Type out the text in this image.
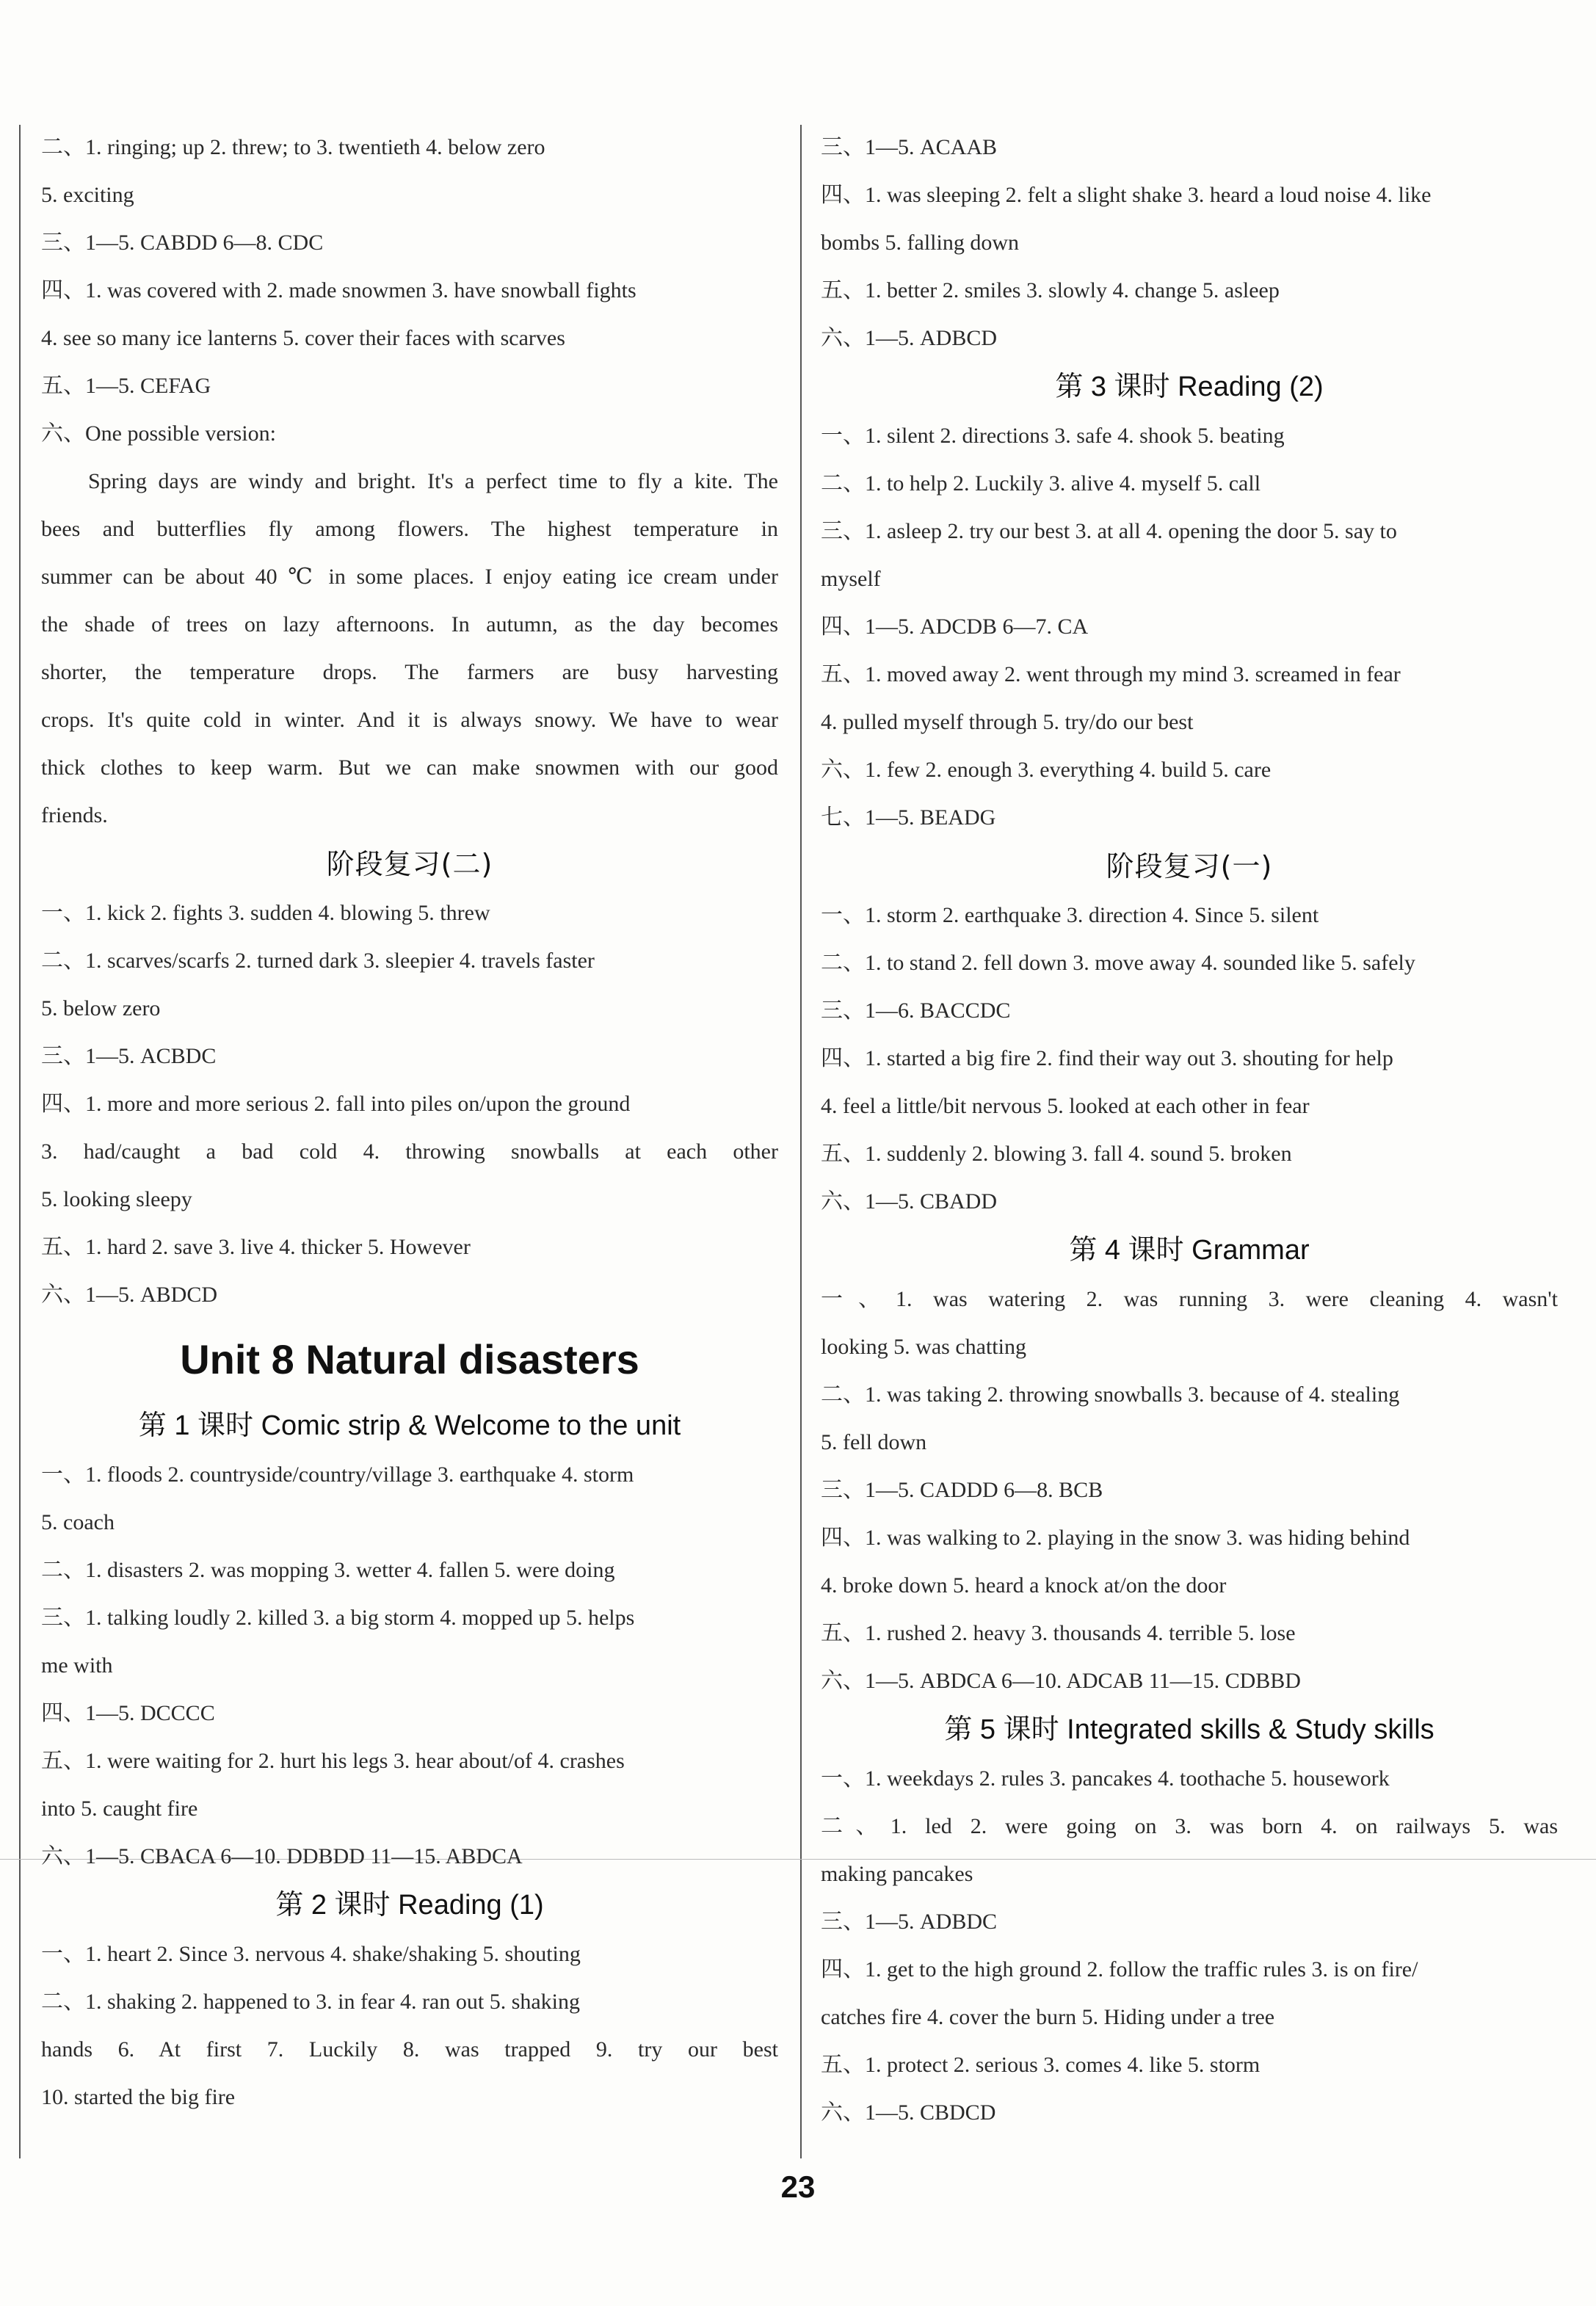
二、1. ringing; up 2. threw; to 3. twentieth 4. below zero
5. exciting
三、1—5. CABDD 6—8. CDC
四、1. was covered with 2. made snowmen 3. have snowball fights
4. see so many ice lanterns 5. cover their faces with scarves
五、1—5. CEFAG
六、One possible version:
Spring days are windy and bright. It's a perfect time to fly a kite. The
bees and butterflies fly among flowers. The highest temperature in
summer can be about 40 ℃ in some places. I enjoy eating ice cream under
the shade of trees on lazy afternoons. In autumn, as the day becomes
shorter, the temperature drops. The farmers are busy harvesting
crops. It's quite cold in winter. And it is always snowy. We have to wear
thick clothes to keep warm. But we can make snowmen with our good
friends.
阶段复习(二)
一、1. kick 2. fights 3. sudden 4. blowing 5. threw
二、1. scarves/scarfs 2. turned dark 3. sleepier 4. travels faster
5. below zero
三、1—5. ACBDC
四、1. more and more serious 2. fall into piles on/upon the ground
3. had/caught a bad cold 4. throwing snowballs at each other
5. looking sleepy
五、1. hard 2. save 3. live 4. thicker 5. However
六、1—5. ABDCD
Unit 8 Natural disasters
第 1 课时 Comic strip & Welcome to the unit
一、1. floods 2. countryside/country/village 3. earthquake 4. storm
5. coach
二、1. disasters 2. was mopping 3. wetter 4. fallen 5. were doing
三、1. talking loudly 2. killed 3. a big storm 4. mopped up 5. helps
me with
四、1—5. DCCCC
五、1. were waiting for 2. hurt his legs 3. hear about/of 4. crashes
into 5. caught fire
六、1—5. CBACA 6—10. DDBDD 11—15. ABDCA
第 2 课时 Reading (1)
一、1. heart 2. Since 3. nervous 4. shake/shaking 5. shouting
二、1. shaking 2. happened to 3. in fear 4. ran out 5. shaking
hands 6. At first 7. Luckily 8. was trapped 9. try our best
10. started the big fire
三、1—5. ACAAB
四、1. was sleeping 2. felt a slight shake 3. heard a loud noise 4. like
bombs 5. falling down
五、1. better 2. smiles 3. slowly 4. change 5. asleep
六、1—5. ADBCD
第 3 课时 Reading (2)
一、1. silent 2. directions 3. safe 4. shook 5. beating
二、1. to help 2. Luckily 3. alive 4. myself 5. call
三、1. asleep 2. try our best 3. at all 4. opening the door 5. say to
myself
四、1—5. ADCDB 6—7. CA
五、1. moved away 2. went through my mind 3. screamed in fear
4. pulled myself through 5. try/do our best
六、1. few 2. enough 3. everything 4. build 5. care
七、1—5. BEADG
阶段复习(一)
一、1. storm 2. earthquake 3. direction 4. Since 5. silent
二、1. to stand 2. fell down 3. move away 4. sounded like 5. safely
三、1—6. BACCDC
四、1. started a big fire 2. find their way out 3. shouting for help
4. feel a little/bit nervous 5. looked at each other in fear
五、1. suddenly 2. blowing 3. fall 4. sound 5. broken
六、1—5. CBADD
第 4 课时 Grammar
一、1. was watering 2. was running 3. were cleaning 4. wasn't
looking 5. was chatting
二、1. was taking 2. throwing snowballs 3. because of 4. stealing
5. fell down
三、1—5. CADDD 6—8. BCB
四、1. was walking to 2. playing in the snow 3. was hiding behind
4. broke down 5. heard a knock at/on the door
五、1. rushed 2. heavy 3. thousands 4. terrible 5. lose
六、1—5. ABDCA 6—10. ADCAB 11—15. CDBBD
第 5 课时 Integrated skills & Study skills
一、1. weekdays 2. rules 3. pancakes 4. toothache 5. housework
二、1. led 2. were going on 3. was born 4. on railways 5. was
making pancakes
三、1—5. ADBDC
四、1. get to the high ground 2. follow the traffic rules 3. is on fire/
catches fire 4. cover the burn 5. Hiding under a tree
五、1. protect 2. serious 3. comes 4. like 5. storm
六、1—5. CBDCD
23
